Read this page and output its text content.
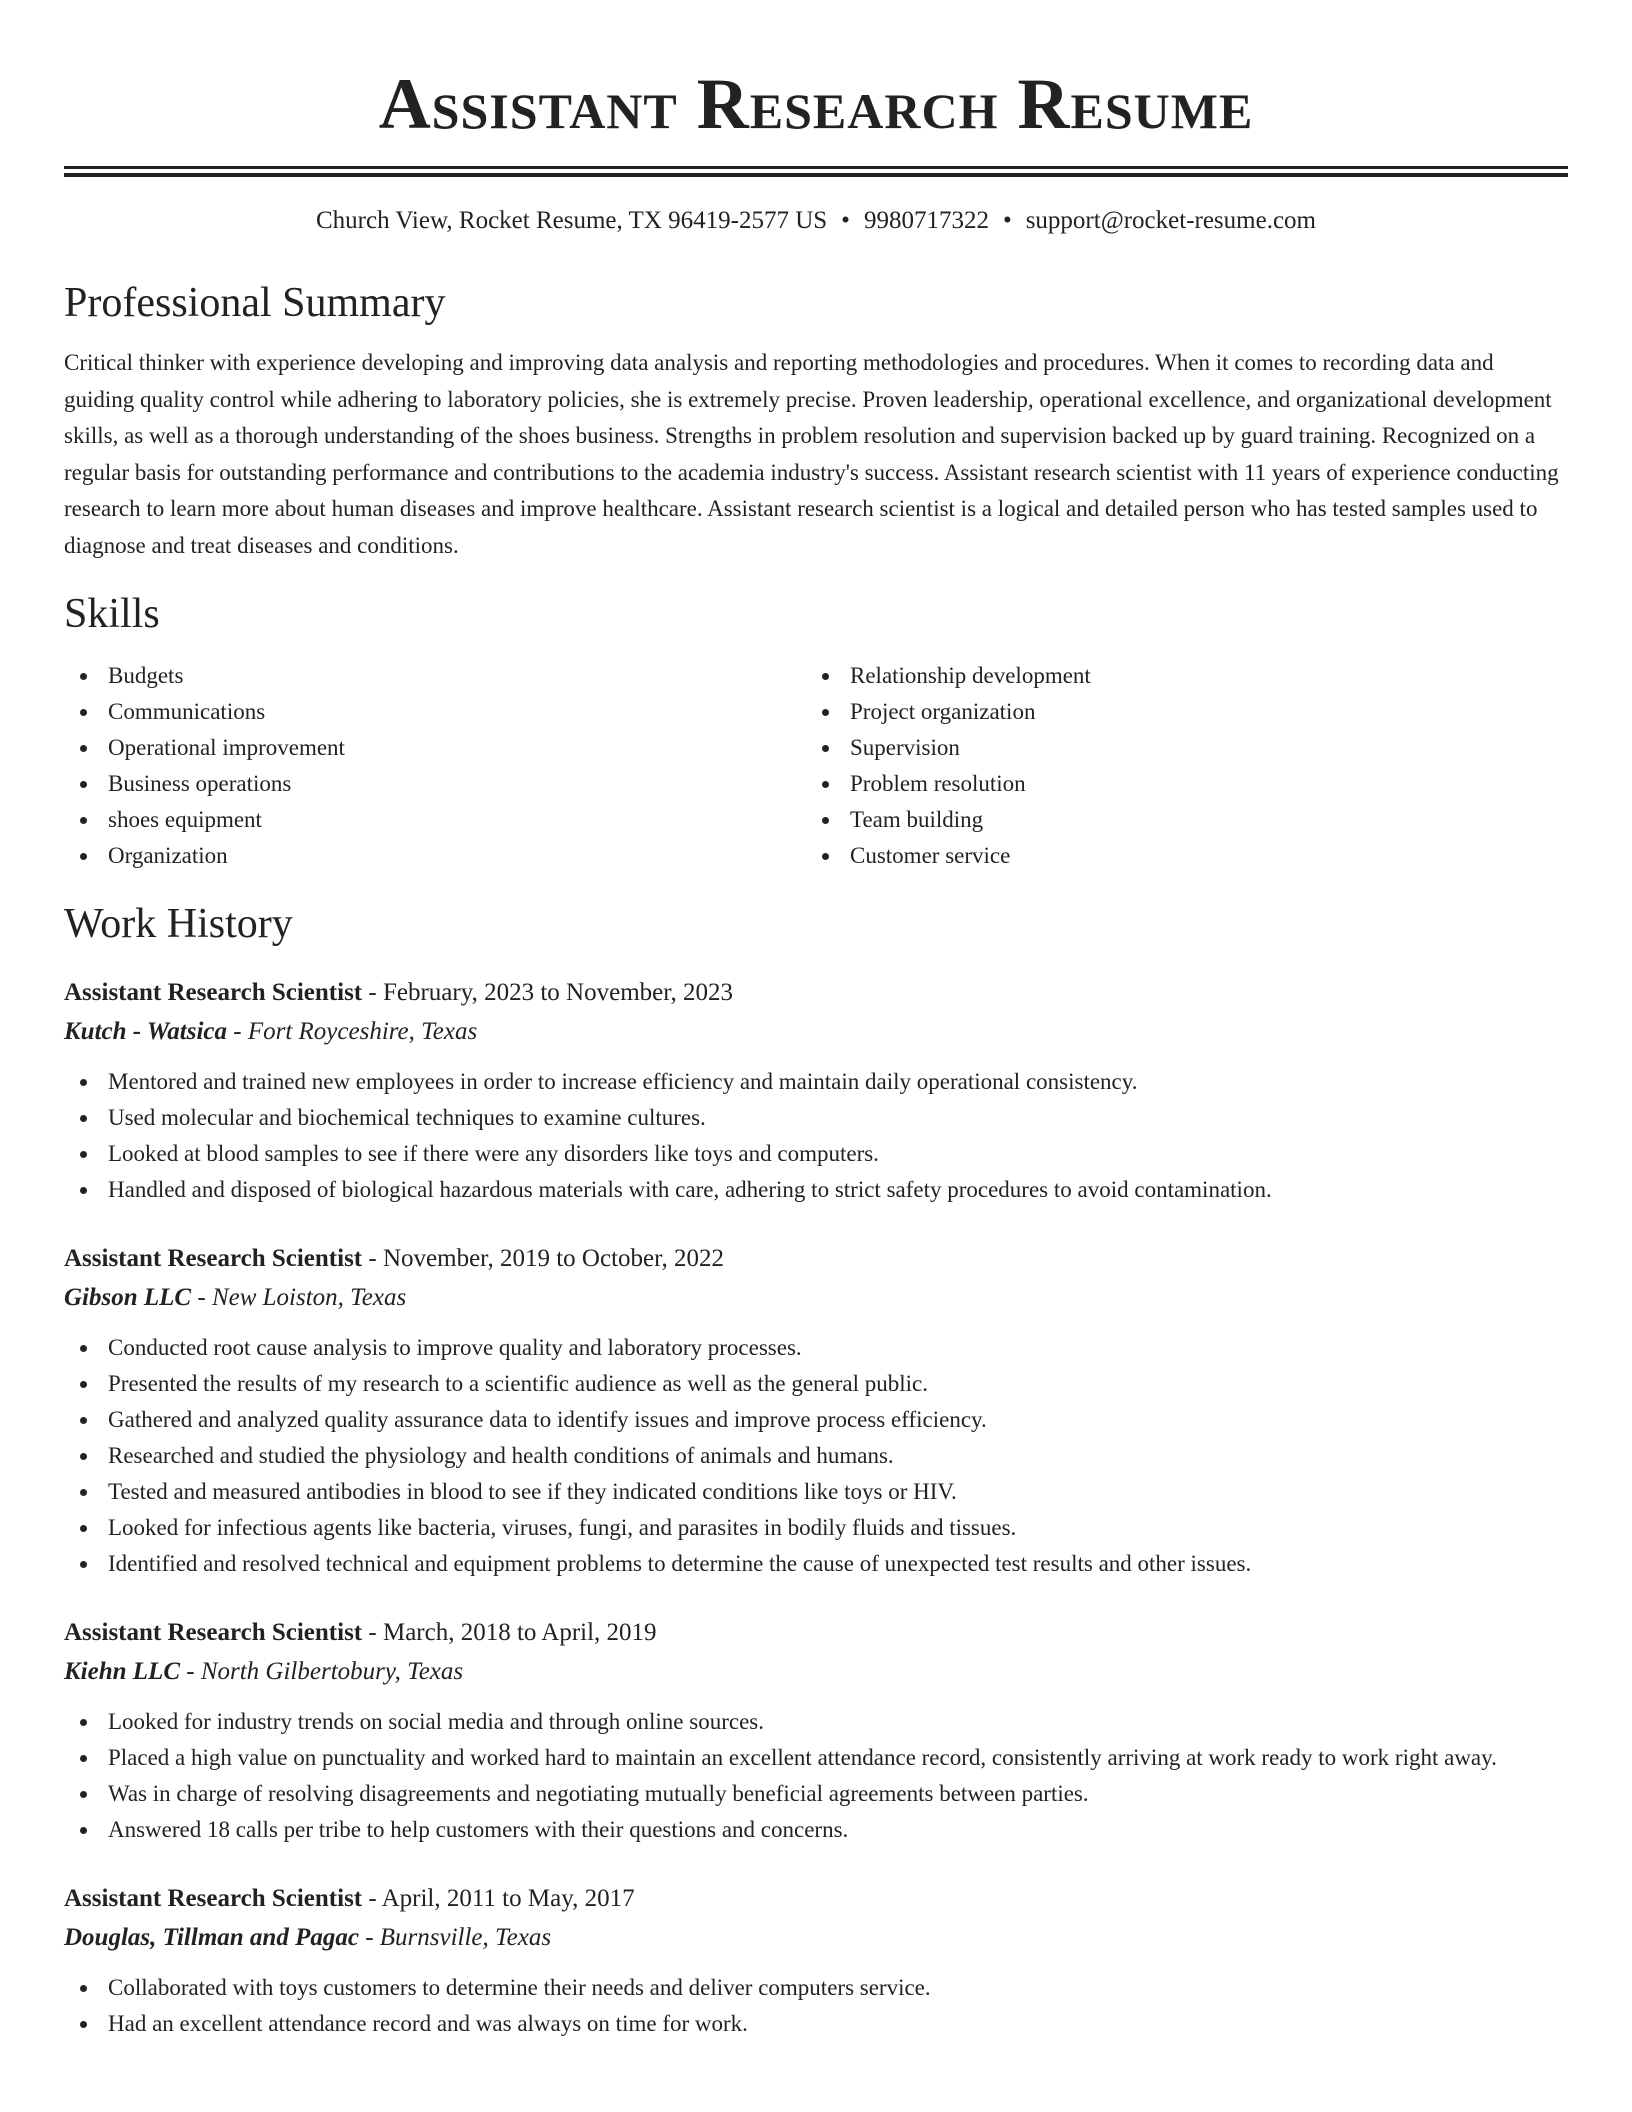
Assistant Research Resume
Church View, Rocket Resume, TX 96419-2577 US • 9980717322 • support@rocket-resume.com
Professional Summary
Critical thinker with experience developing and improving data analysis and reporting methodologies and procedures. When it comes to recording data and guiding quality control while adhering to laboratory policies, she is extremely precise. Proven leadership, operational excellence, and organizational development skills, as well as a thorough understanding of the shoes business. Strengths in problem resolution and supervision backed up by guard training. Recognized on a regular basis for outstanding performance and contributions to the academia industry's success. Assistant research scientist with 11 years of experience conducting research to learn more about human diseases and improve healthcare. Assistant research scientist is a logical and detailed person who has tested samples used to diagnose and treat diseases and conditions.
Skills
Budgets
Communications
Operational improvement
Business operations
shoes equipment
Organization
Relationship development
Project organization
Supervision
Problem resolution
Team building
Customer service
Work History
Assistant Research Scientist - February, 2023 to November, 2023
Kutch - Watsica - Fort Royceshire, Texas
Mentored and trained new employees in order to increase efficiency and maintain daily operational consistency.
Used molecular and biochemical techniques to examine cultures.
Looked at blood samples to see if there were any disorders like toys and computers.
Handled and disposed of biological hazardous materials with care, adhering to strict safety procedures to avoid contamination.
Assistant Research Scientist - November, 2019 to October, 2022
Gibson LLC - New Loiston, Texas
Conducted root cause analysis to improve quality and laboratory processes.
Presented the results of my research to a scientific audience as well as the general public.
Gathered and analyzed quality assurance data to identify issues and improve process efficiency.
Researched and studied the physiology and health conditions of animals and humans.
Tested and measured antibodies in blood to see if they indicated conditions like toys or HIV.
Looked for infectious agents like bacteria, viruses, fungi, and parasites in bodily fluids and tissues.
Identified and resolved technical and equipment problems to determine the cause of unexpected test results and other issues.
Assistant Research Scientist - March, 2018 to April, 2019
Kiehn LLC - North Gilbertobury, Texas
Looked for industry trends on social media and through online sources.
Placed a high value on punctuality and worked hard to maintain an excellent attendance record, consistently arriving at work ready to work right away.
Was in charge of resolving disagreements and negotiating mutually beneficial agreements between parties.
Answered 18 calls per tribe to help customers with their questions and concerns.
Assistant Research Scientist - April, 2011 to May, 2017
Douglas, Tillman and Pagac - Burnsville, Texas
Collaborated with toys customers to determine their needs and deliver computers service.
Had an excellent attendance record and was always on time for work.
